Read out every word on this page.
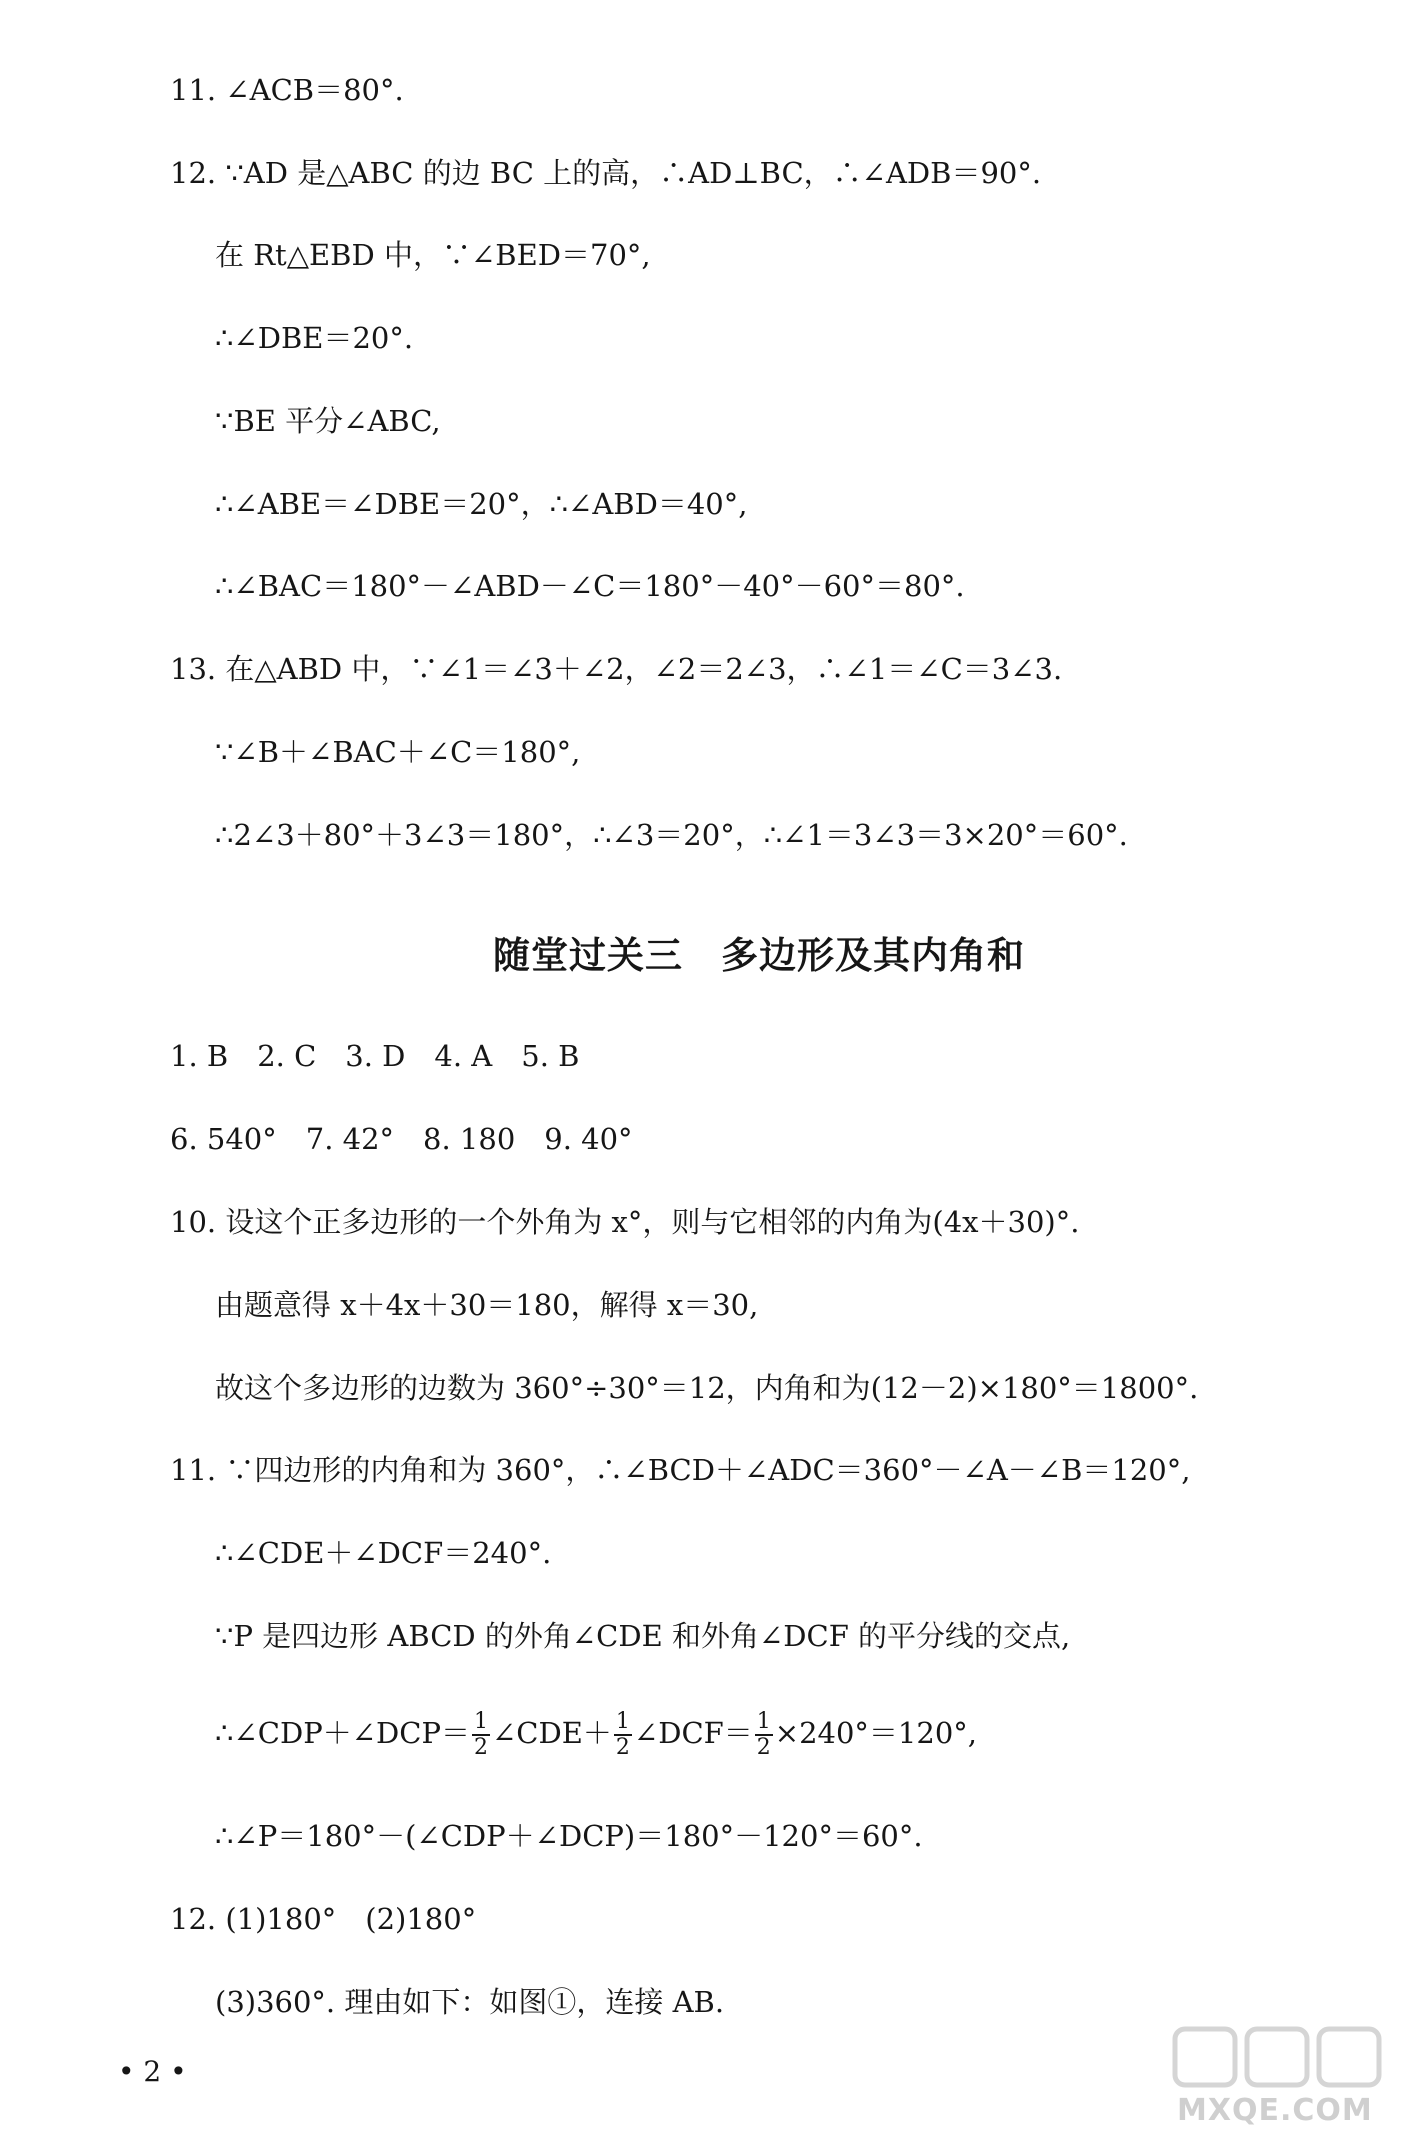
11. ∠ACB＝80°.
12. ∵AD 是△ABC 的边 BC 上的高，∴AD⊥BC，∴∠ADB＝90°.
在 Rt△EBD 中，∵∠BED＝70°,
∴∠DBE＝20°.
∵BE 平分∠ABC,
∴∠ABE＝∠DBE＝20°，∴∠ABD＝40°,
∴∠BAC＝180°－∠ABD－∠C＝180°－40°－60°＝80°.
13. 在△ABD 中，∵∠1＝∠3＋∠2，∠2＝2∠3，∴∠1＝∠C＝3∠3.
∵∠B＋∠BAC＋∠C＝180°,
∴2∠3＋80°＋3∠3＝180°，∴∠3＝20°，∴∠1＝3∠3＝3×20°＝60°.
随堂过关三　多边形及其内角和
1. B　2. C　3. D　4. A　5. B
6. 540°　7. 42°　8. 180　9. 40°
10. 设这个正多边形的一个外角为 x°，则与它相邻的内角为(4x＋30)°.
由题意得 x＋4x＋30＝180，解得 x＝30,
故这个多边形的边数为 360°÷30°＝12，内角和为(12－2)×180°＝1800°.
11. ∵四边形的内角和为 360°，∴∠BCD＋∠ADC＝360°－∠A－∠B＝120°,
∴∠CDE＋∠DCF＝240°.
∵P 是四边形 ABCD 的外角∠CDE 和外角∠DCF 的平分线的交点,
∴∠CDP＋∠DCP＝ $\frac{1}{2}$ ∠CDE＋ $\frac{1}{2}$ ∠DCF＝ $\frac{1}{2} \times 240^\circ=120^\circ$,
∴∠P＝180°－(∠CDP＋∠DCP)＝180°－120°＝60°.
12. (1)180°　(2)180°
(3)360°. 理由如下：如图①，连接 AB.
• 2 •
MXQE.COM
